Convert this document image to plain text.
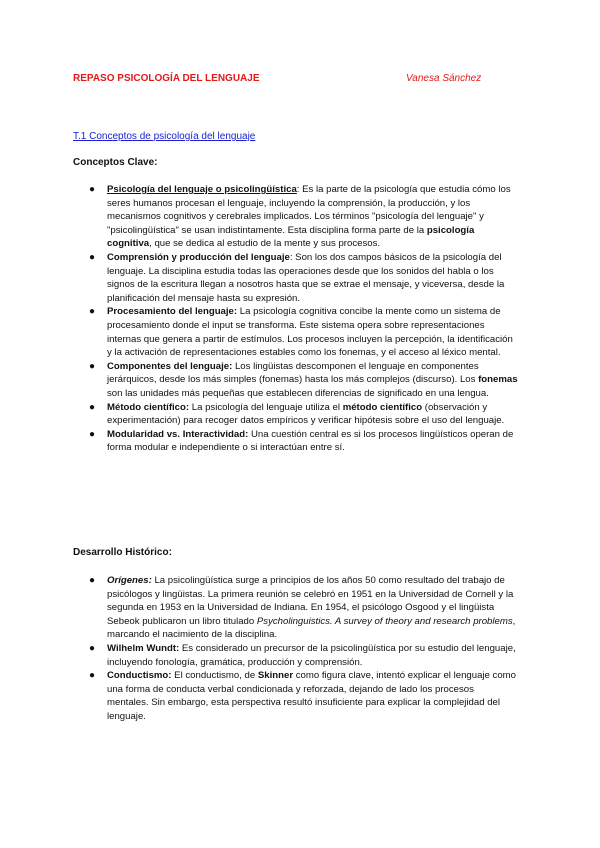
REPASO PSICOLOGÍA DEL LENGUAJE	Vanesa Sánchez
T.1 Conceptos de psicología del lenguaje
Conceptos Clave:
● Psicología del lenguaje o psicolingüística: Es la parte de la psicología que estudia cómo los seres humanos procesan el lenguaje, incluyendo la comprensión, la producción, y los mecanismos cognitivos y cerebrales implicados. Los términos "psicología del lenguaje" y "psicolingüística" se usan indistintamente. Esta disciplina forma parte de la psicología cognitiva, que se dedica al estudio de la mente y sus procesos.
● Comprensión y producción del lenguaje: Son los dos campos básicos de la psicología del lenguaje. La disciplina estudia todas las operaciones desde que los sonidos del habla o los signos de la escritura llegan a nosotros hasta que se extrae el mensaje, y viceversa, desde la planificación del mensaje hasta su expresión.
● Procesamiento del lenguaje: La psicología cognitiva concibe la mente como un sistema de procesamiento donde el input se transforma. Este sistema opera sobre representaciones internas que genera a partir de estímulos. Los procesos incluyen la percepción, la identificación y la activación de representaciones estables como los fonemas, y el acceso al léxico mental.
● Componentes del lenguaje: Los lingüistas descomponen el lenguaje en componentes jerárquicos, desde los más simples (fonemas) hasta los más complejos (discurso). Los fonemas son las unidades más pequeñas que establecen diferencias de significado en una lengua.
● Método científico: La psicología del lenguaje utiliza el método científico (observación y experimentación) para recoger datos empíricos y verificar hipótesis sobre el uso del lenguaje.
● Modularidad vs. Interactividad: Una cuestión central es si los procesos lingüísticos operan de forma modular e independiente o si interactúan entre sí.
Desarrollo Histórico:
● Orígenes: La psicolingüística surge a principios de los años 50 como resultado del trabajo de psicólogos y lingüistas. La primera reunión se celebró en 1951 en la Universidad de Cornell y la segunda en 1953 en la Universidad de Indiana. En 1954, el psicólogo Osgood y el lingüista Sebeok publicaron un libro titulado Psycholinguistics. A survey of theory and research problems, marcando el nacimiento de la disciplina.
● Wilhelm Wundt: Es considerado un precursor de la psicolingüística por su estudio del lenguaje, incluyendo fonología, gramática, producción y comprensión.
● Conductismo: El conductismo, de Skinner como figura clave, intentó explicar el lenguaje como una forma de conducta verbal condicionada y reforzada, dejando de lado los procesos mentales. Sin embargo, esta perspectiva resultó insuficiente para explicar la complejidad del lenguaje.
